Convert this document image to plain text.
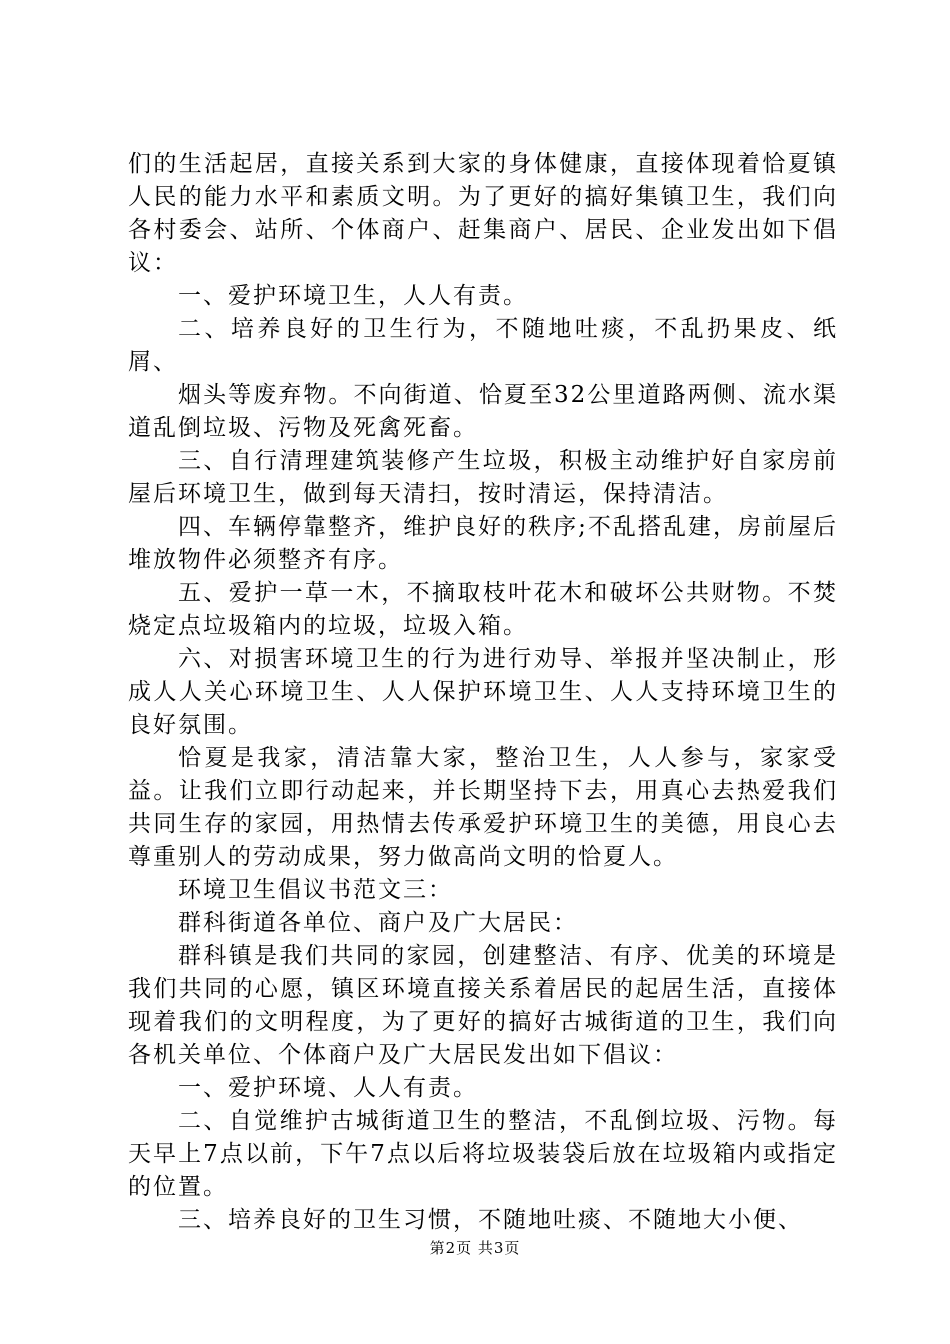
们的生活起居，直接关系到大家的身体健康，直接体现着恰夏镇人民的能力水平和素质文明。为了更好的搞好集镇卫生，我们向各村委会、站所、个体商户、赶集商户、居民、企业发出如下倡议：

一、爱护环境卫生，人人有责。

二、培养良好的卫生行为，不随地吐痰，不乱扔果皮、纸屑、

烟头等废弃物。不向街道、恰夏至32公里道路两侧、流水渠道乱倒垃圾、污物及死禽死畜。

三、自行清理建筑装修产生垃圾，积极主动维护好自家房前屋后环境卫生，做到每天清扫，按时清运，保持清洁。

四、车辆停靠整齐，维护良好的秩序;不乱搭乱建，房前屋后堆放物件必须整齐有序。

五、爱护一草一木，不摘取枝叶花木和破坏公共财物。不焚烧定点垃圾箱内的垃圾，垃圾入箱。

六、对损害环境卫生的行为进行劝导、举报并坚决制止，形成人人关心环境卫生、人人保护环境卫生、人人支持环境卫生的良好氛围。

恰夏是我家，清洁靠大家，整治卫生，人人参与，家家受益。让我们立即行动起来，并长期坚持下去，用真心去热爱我们共同生存的家园，用热情去传承爱护环境卫生的美德，用良心去尊重别人的劳动成果，努力做高尚文明的恰夏人。

环境卫生倡议书范文三：

群科街道各单位、商户及广大居民：

群科镇是我们共同的家园，创建整洁、有序、优美的环境是我们共同的心愿，镇区环境直接关系着居民的起居生活，直接体现着我们的文明程度，为了更好的搞好古城街道的卫生，我们向各机关单位、个体商户及广大居民发出如下倡议：

一、爱护环境、人人有责。

二、自觉维护古城街道卫生的整洁，不乱倒垃圾、污物。每天早上7点以前，下午7点以后将垃圾装袋后放在垃圾箱内或指定的位置。

三、培养良好的卫生习惯，不随地吐痰、不随地大小便、

第2页 共3页
